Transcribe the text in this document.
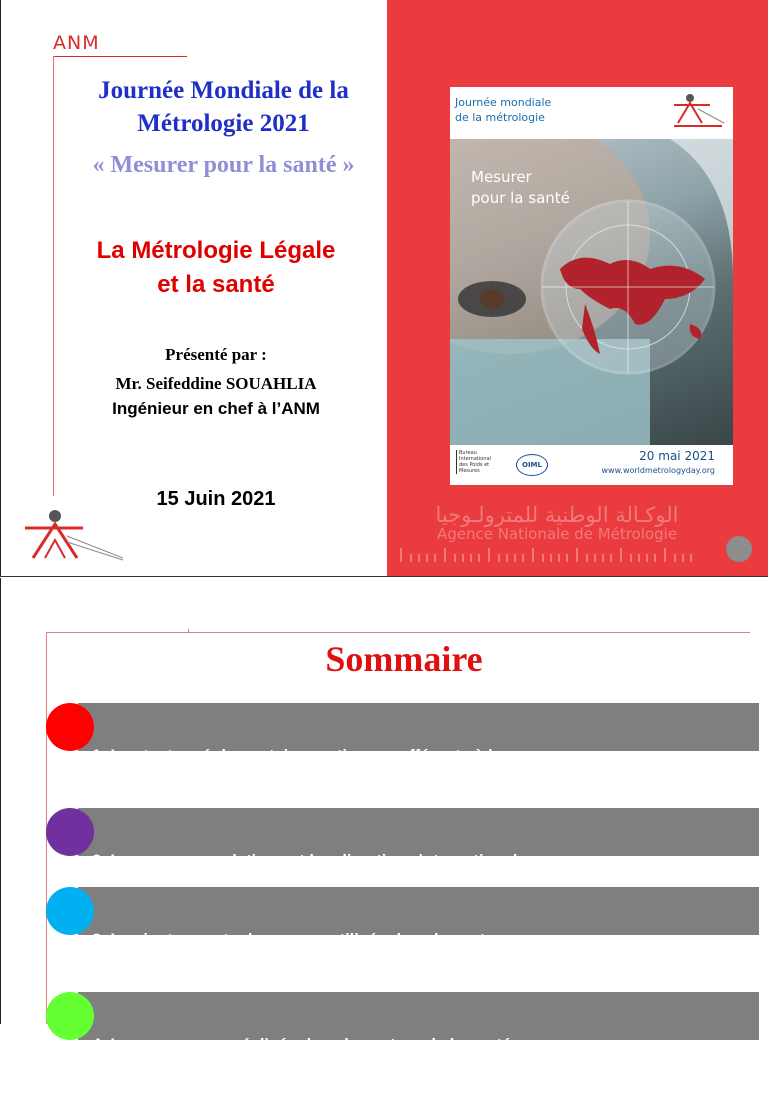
ANM
Journée Mondiale de la
Métrologie 2021
« Mesurer pour la santé »
La Métrologie Légale
et la santé
Présenté par :
Mr. Seifeddine SOUAHLIA
Ingénieur en chef à l’ANM
15 Juin 2021
Journée mondiale
de la métrologie
Mesurer
pour la santé
Bureau International des Poids et Mesures
OIML
20 mai 2021
www.worldmetrologyday.org
الوكـالة الوطنية للمترولـوجيا
Agence Nationale de Métrologie
Sommaire

1. Les textes réglementaires nationaux afférents à la

2. Les recommandations et les directives internationales

3. Les instruments de mesure utilisés dans le secteur

4. Les mesurages réalisés dans le secteur de la santé
